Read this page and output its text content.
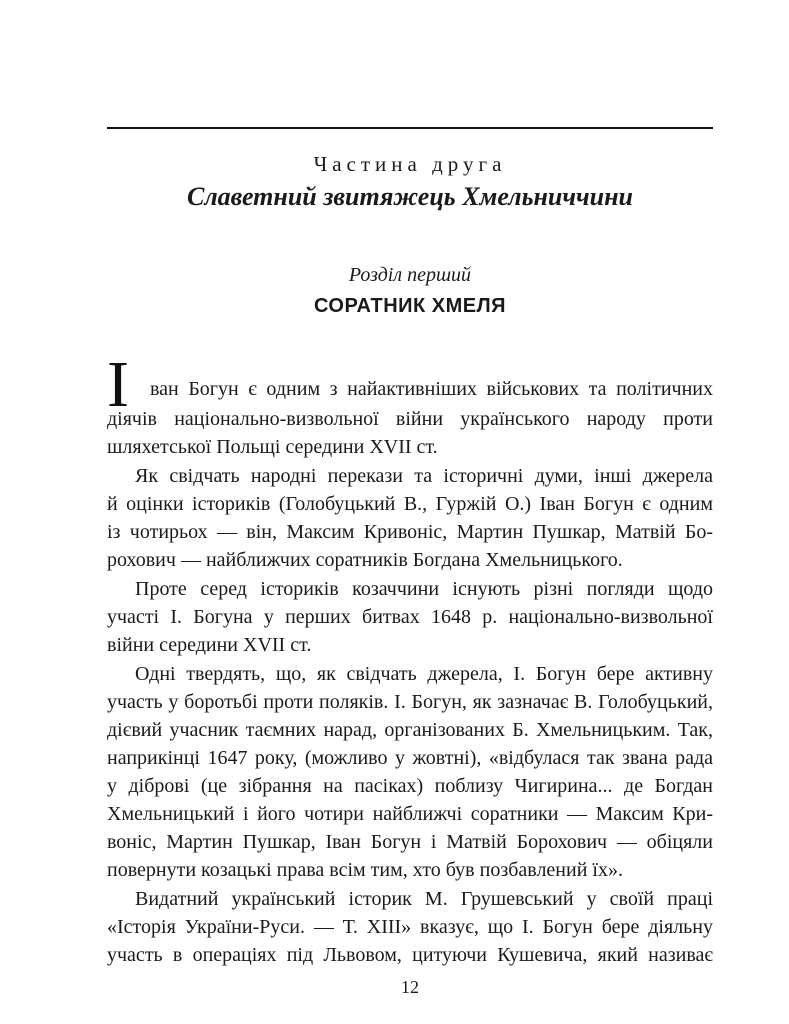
Частина друга
Славетний звитяжець Хмельниччини
Розділ перший
СОРАТНИК ХМЕЛЯ
І	ван Богун є одним з найактивніших військових та політичних
діячів національно-визвольної війни українського народу проти
шляхетської Польщі середини XVII ст.
Як свідчать народні перекази та історичні думи, інші джерела
й оцінки істориків (Голобуцький В., Гуржій О.) Іван Богун є одним
із чотирьох — він, Максим Кривоніс, Мартин Пушкар, Матвій Бо-
рохович — найближчих соратників Богдана Хмельницького.
Проте серед істориків козаччини існують різні погляди щодо
участі І. Богуна у перших битвах 1648 р. національно-визвольної
війни середини XVII ст.
Одні твердять, що, як свідчать джерела, І. Богун бере активну
участь у боротьбі проти поляків. І. Богун, як зазначає В. Голобуцький,
дієвий учасник таємних нарад, організованих Б. Хмельницьким. Так,
наприкінці 1647 року, (можливо у жовтні), «відбулася так звана рада
у діброві (це зібрання на пасіках) поблизу Чигирина... де Богдан
Хмельницький і його чотири найближчі соратники — Максим Кри-
воніс, Мартин Пушкар, Іван Богун і Матвій Борохович — обіцяли
повернути козацькі права всім тим, хто був позбавлений їх».
Видатний український історик М. Грушевський у своїй праці
«Історія України-Руси. — Т. XIII» вказує, що І. Богун бере діяльну
участь в операціях під Львовом, цитуючи Кушевича, який називає
12
